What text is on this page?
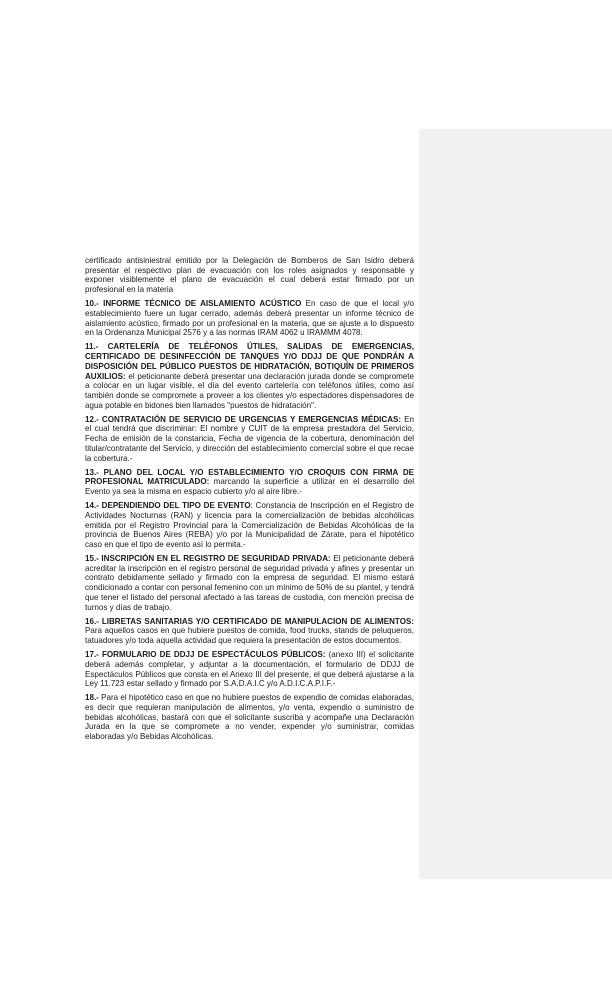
certificado antisiniestral emitido por la Delegación de Bomberos de San Isidro deberá presentar el respectivo plan de evacuación con los roles asignados y responsable y exponer visiblemente el plano de evacuación el cual deberá estar firmado por un profesional en la materia

10.- INFORME TÉCNICO DE AISLAMIENTO ACÚSTICO En caso de que el local y/o establecimiento fuere un lugar cerrado, además deberá presentar un informe técnico de aislamiento acústico, firmado por un profesional en la materia, que se ajuste a lo dispuesto en la Ordenanza Municipal 2576 y a las normas IRAM 4062 u IRAMMM 4078.

11.- CARTELERÍA DE TELÉFONOS ÚTILES, SALIDAS DE EMERGENCIAS, CERTIFICADO DE DESINFECCIÓN DE TANQUES Y/O DDJJ DE QUE PONDRÁN A DISPOSICIÓN DEL PÚBLICO PUESTOS DE HIDRATACIÓN, BOTIQUÍN DE PRIMEROS AUXILIOS: el peticionante deberá presentar una declaración jurada donde se compromete a colocar en un lugar visible, el día del evento cartelería con teléfonos útiles, como así también donde se compromete a proveer a los clientes y/o espectadores dispensadores de agua potable en bidones bien llamados "puestos de hidratación".

12.- CONTRATACIÓN DE SERVICIO DE URGENCIAS Y EMERGENCIAS MÉDICAS: En el cual tendrá que discriminar: El nombre y CUIT de la empresa prestadora del Servicio, Fecha de emisión de la constancia, Fecha de vigencia de la cobertura, denominación del titular/contratante del Servicio, y dirección del establecimiento comercial sobre el que recae la cobertura.-

13.- PLANO DEL LOCAL Y/O ESTABLECIMIENTO Y/O CROQUIS CON FIRMA DE PROFESIONAL MATRICULADO: marcando la superficie a utilizar en el desarrollo del Evento ya sea la misma en espacio cubierto y/o al aire libre.-

14.- DEPENDIENDO DEL TIPO DE EVENTO: Constancia de Inscripción en el Registro de Actividades Nocturnas (RAN) y licencia para la comercialización de bebidas alcohólicas emitida por el Registro Provincial para la Comercialización de Bebidas Alcohólicas de la provincia de Buenos Aires (REBA) y/o por la Municipalidad de Zárate, para el hipotético caso en que el tipo de evento así lo permita.-

15.- INSCRIPCIÓN EN EL REGISTRO DE SEGURIDAD PRIVADA: El peticionante deberá acreditar la inscripción en el registro personal de seguridad privada y afines y presentar un contrato debidamente sellado y firmado con la empresa de seguridad. El mismo estará condicionado a contar con personal femenino con un mínimo de 50% de su plantel, y tendrá que tener el listado del personal afectado a las tareas de custodia, con mención precisa de turnos y días de trabajo.

16.- LIBRETAS SANITARIAS Y/O CERTIFICADO DE MANIPULACION DE ALIMENTOS: Para aquellos casos en que hubiere puestos de comida, food trucks, stands de peluqueros, tatuadores y/o toda aquella actividad que requiera la presentación de estos documentos.

17.- FORMULARIO DE DDJJ DE ESPECTÁCULOS PÚBLICOS: (anexo III) el solicitante deberá además completar, y adjuntar a la documentación, el formulario de DDJJ de Espectáculos Públicos que consta en el Anexo III del presente, el que deberá ajustarse a la Ley 11.723 estar sellado y firmado por S.A.D.A.I.C y/o A.D.I.C.A.P.I.F.-

18.- Para el hipotético caso en que no hubiere puestos de expendio de comidas elaboradas, es decir que requieran manipulación de alimentos, y/o venta, expendio o suministro de bebidas alcohólicas, bastará con que el solicitante suscriba y acompañe una Declaración Jurada en la que se compromete a no vender, expender y/o suministrar, comidas elaboradas y/o Bebidas Alcohólicas.
